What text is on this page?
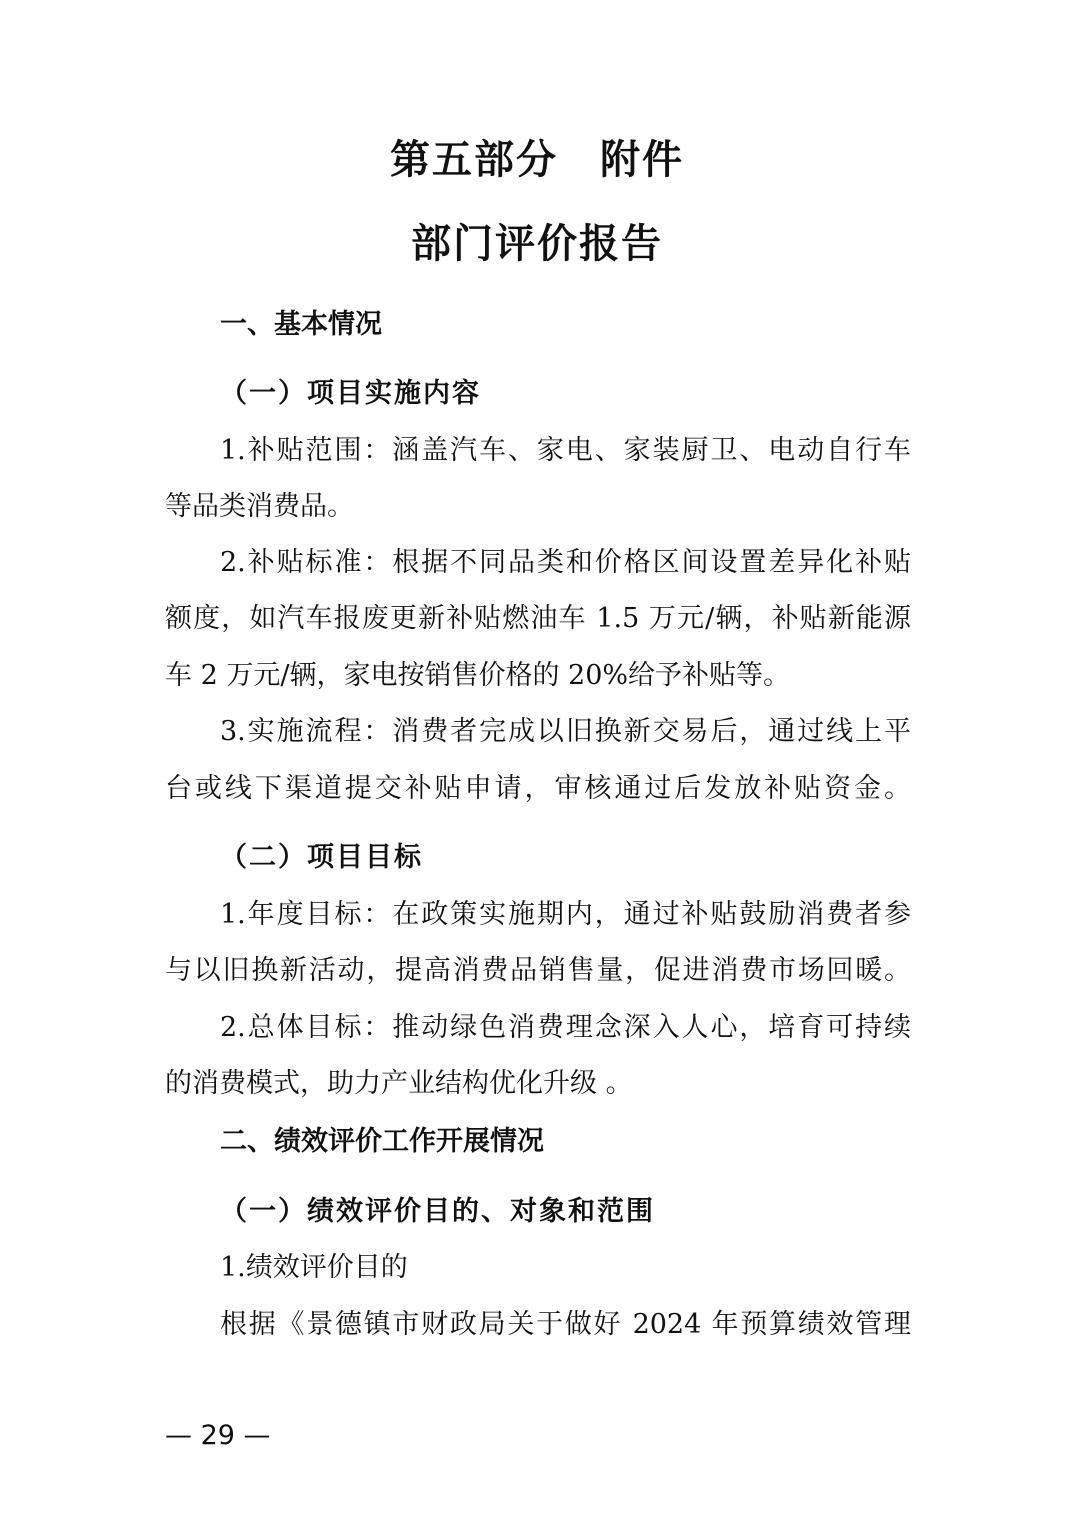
第五部分　附件
部门评价报告
一、基本情况
（一）项目实施内容
1.补贴范围：涵盖汽车、家电、家装厨卫、电动自行车
等品类消费品。
2.补贴标准：根据不同品类和价格区间设置差异化补贴
额度，如汽车报废更新补贴燃油车 1.5 万元/辆，补贴新能源
车 2 万元/辆，家电按销售价格的 20%给予补贴等。
3.实施流程：消费者完成以旧换新交易后，通过线上平
台或线下渠道提交补贴申请，审核通过后发放补贴资金。
（二）项目目标
1.年度目标：在政策实施期内，通过补贴鼓励消费者参
与以旧换新活动，提高消费品销售量，促进消费市场回暖。
2.总体目标：推动绿色消费理念深入人心，培育可持续
的消费模式，助力产业结构优化升级 。
二、绩效评价工作开展情况
（一）绩效评价目的、对象和范围
1.绩效评价目的
根据《景德镇市财政局关于做好 2024 年预算绩效管理
— 29 —
